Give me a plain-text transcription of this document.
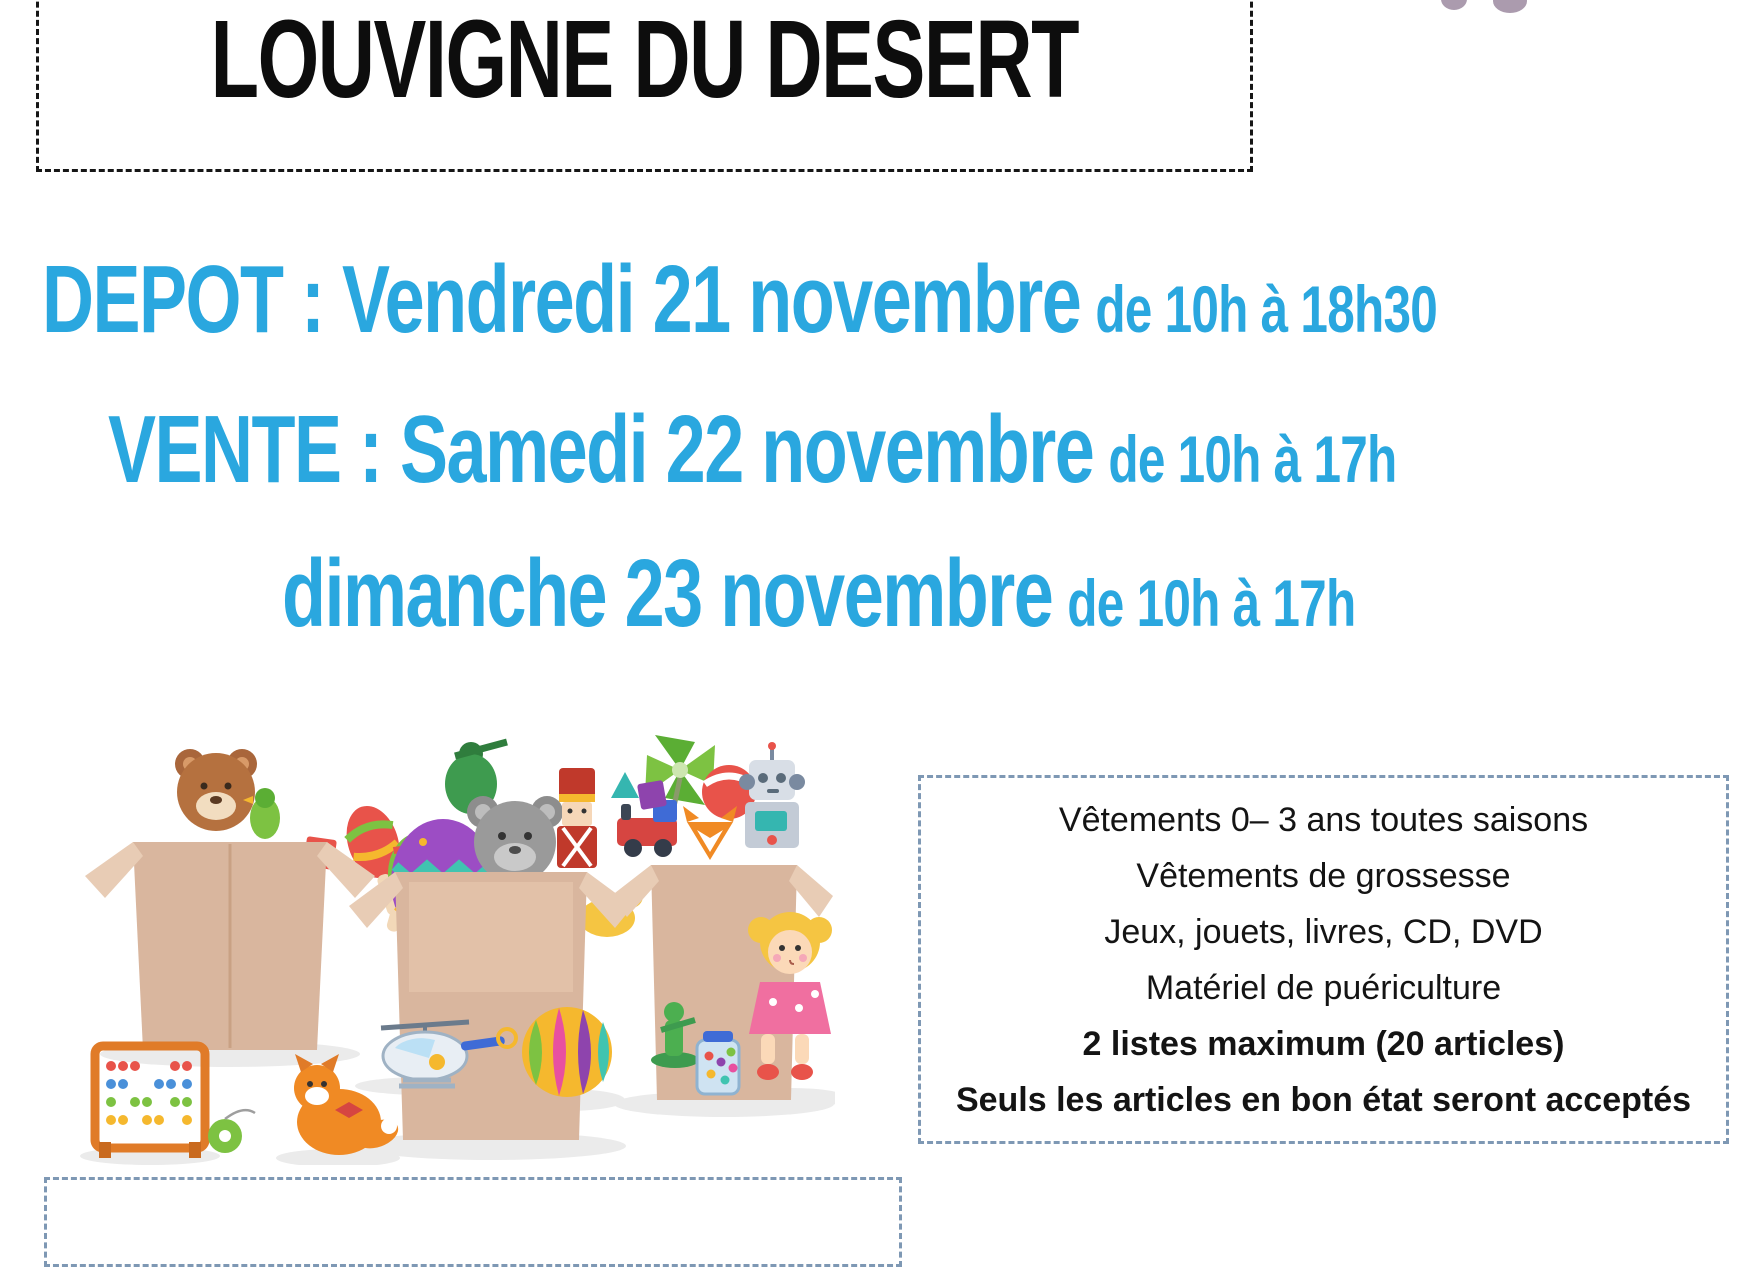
LOUVIGNE DU DESERT
DEPOT : Vendredi 21 novembre de 10h à 18h30
VENTE : Samedi 22 novembre de 10h à 17h
dimanche 23 novembre de 10h à 17h
Vêtements 0– 3 ans toutes saisons
Vêtements de grossesse
Jeux, jouets, livres, CD, DVD
Matériel de puériculture
2 listes maximum (20 articles)
Seuls les articles en bon état seront acceptés
